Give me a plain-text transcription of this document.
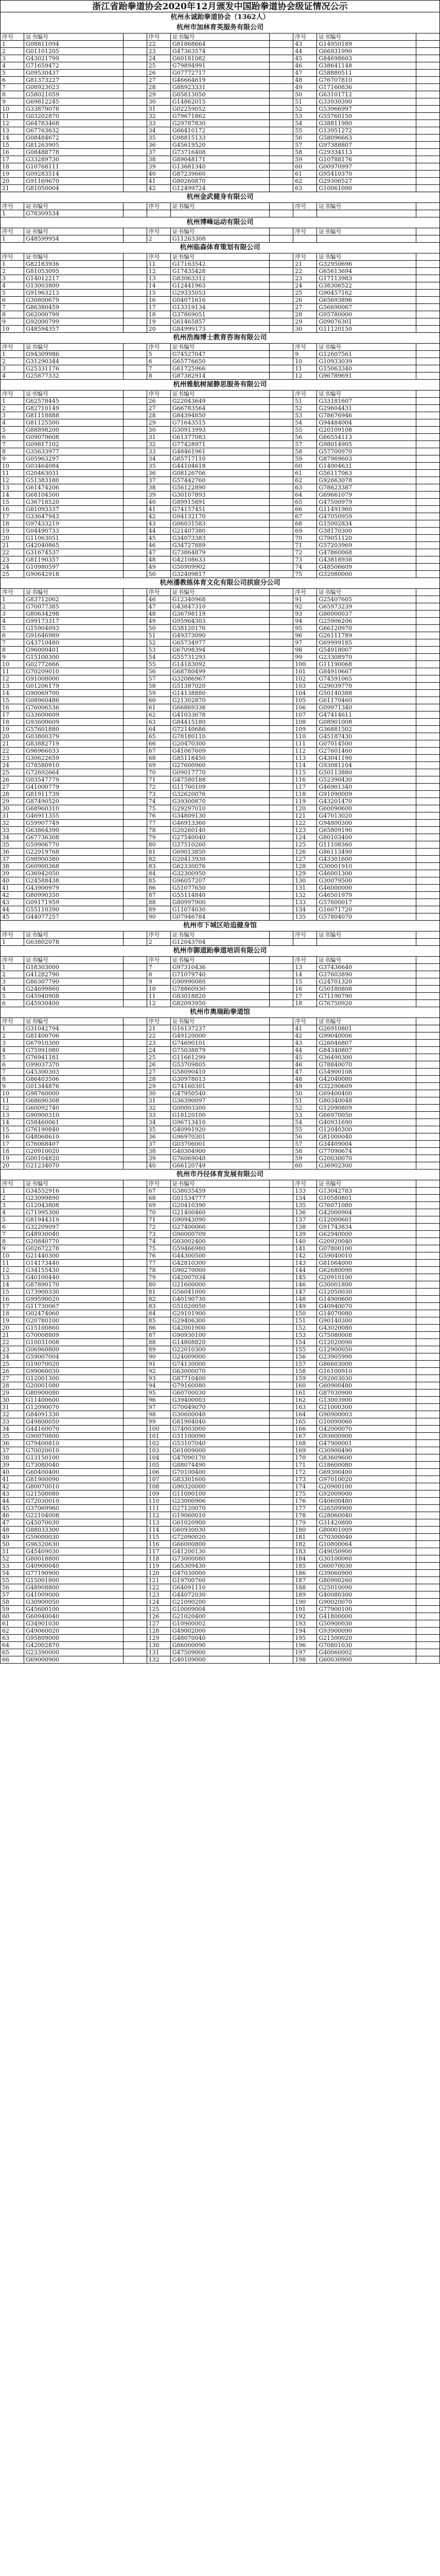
浙江省跆拳道协会2020年12月颁发中国跆拳道协会级证情况公示
杭州永诚跆拳道协会（1362人）
杭州市加林育英服务有限公司
序号	证书编号		序号	证书编号		序号	证书编号	
1	G08811094		22	G81868664		43	G14950189	
2	G01101205		23	G47363574		44	G66931990	
3	G43021799		24	G60181082		45	G84698603	
4	G71659472		25	G79894991		46	G38641148	
5	G09530437		26	G07772717		47	G58880511	
6	G81373227		27	G46664619		48	G76707810	
7	G08923023		28	G88923331		49	G17160836	
8	G58021059		29	G05813050		50	G63101712	
9	G69812245		30	G14862015		51	G33930390	
10	G33879078		31	G02259052		52	G53966997	
11	G03202870		32	G79671862		53	G55760150	
12	G64783468		33	G29787830		54	G38811980	
13	G67763632		34	G66410172		55	G13951272	
14	G08484672		35	G98815133		56	G58096663	
15	G81263905		36	G45619520		57	G97388807	
16	G08488778		37	G73716408		58	G29334113	
17	G33289730		38	G89048171		59	G10788176	
18	G10768111		39	G13681340		60	G00970997	
19	G09283514		40	G87239660		61	G95410370	
20	G91169670		41	G80260870		62	G29306527	
21	G81050004		42	G12499724		63	G10061090	
杭州金武健身有限公司
序号	证书编号		序号	证书编号		序号	证书编号	
1	G78309534							
杭州博峰运动有限公司
序号	证书编号		序号	证书编号		序号	证书编号	
1	G48599954		2	G11263308				
杭州临森体育策划有限公司
序号	证书编号		序号	证书编号		序号	证书编号	
1	G82183936		11	G17163542		21	G32950696	
2	G81053095		12	G17435428		22	G65613694	
3	G14012217		13	G83063312		23	G17113983	
4	G13003800		14	G12441963		24	G38306522	
5	G91963213		15	G29335053		25	G90457162	
6	G30800679		16	G04071616		26	G65693896	
7	G86380459		17	G13319134		27	G56690067	
8	G62000799		18	G37869051		28	G95780000	
9	G92000799		19	G61465857		29	G09076301	
10	G48594357		20	G84999173		30	G11120150	
杭州浩海博士教育咨询有限公司
序号	证书编号		序号	证书编号		序号	证书编号	
1	G94309986		5	G74527047		9	G12607561	
2	G31290344		6	G65776650		10	G10933039	
3	G25331176		7	G61725966		11	G15063340	
4	G25877332		8	G87382914		12	G96789691	
杭州雅航树屋静思服务有限公司
序号	证书编号		序号	证书编号		序号	证书编号	
1	G62578445		26	G22043649		51	G33181607	
2	G82710149		27	G66783564		52	G29604431	
3	G81118888		28	G84394850		53	G78676946	
4	G81125500		29	G71643515		54	G94484004	
5	G88898200		30	G30913993		55	G20109108	
6	G09079608		31	G61377083		56	G66554113	
7	G09817102		32	G77428971		57	G98014905	
8	G35633977		33	G48461961		58	G57700970	
9	G05963297		34	G85717110		59	G87969603	
10	G03464084		35	G44104618		60	G14004631	
11	G20463031		36	G08126706		61	G56117063	
12	G51383180		37	G57442760		62	G92663078	
13	G61474206		38	G56122890		63	G78623387	
14	G68104500		39	G30107893		64	G69661079	
15	G36718520		40	G89915891		65	G47500979	
16	G81093337		41	G74157451		66	G11491960	
17	G33647943		42	G94132170		67	G47050959	
18	G97433219		43	G06031583		68	G15002834	
19	G04490733		44	G21407380		69	G38170300	
20	G11063051		45	G34073383		70	G79051120	
21	G42040865		46	G34727889		71	G57203969	
22	G31674537		47	G73864879		72	G47860068	
23	G81190357		48	G42108633		73	G43818938	
24	G10980597		49	G50909902		74	G48506609	
25	G90642918		50	G32409817		75	G32080000	
杭州潘教练体育文化有限公司拱宸分公司
序号	证书编号		序号	证书编号		序号	证书编号	
1	G83712062		46	G12340968		91	G25407605	
2	G70077385		47	G43847310		92	G65973239	
3	G80634298		48	G36798119		93	G86000037	
4	G99173317		49	G95964303		94	G25906206	
5	G15904093		50	G38120176		95	G66120970	
6	G91646989		51	G49373090		96	G26111789	
7	G43710480		52	G65734977		97	G69999185	
8	G96000401		53	G67098394		98	G54918007	
9	G15100300		54	G55731293		99	G23308970	
10	G02772666		55	G14183092		100	G11190068	
11	G70209010		56	G68780499		101	G84910667	
12	G91008000		57	G32086967		102	G74591065	
13	G01206179		58	G51387020		103	G29039770	
14	G90069700		59	G14138880		104	G50140388	
15	G08960486		60	G21302870		105	G61170460	
16	G76006536		61	G66869338		106	G09971340	
17	G33600609		62	G41033678		107	G47414611	
18	G93600609		63	G84415180		108	G08901008	
19	G57601880		64	G72140686		109	G36881502	
20	G03800379		65	G78180110		110	G45187430	
21	G83882719		66	G20470300		111	G07014500	
22	G96966033		67	G41067609		112	G27601460	
23	G30622659		68	G85118450		113	G43041190	
24	G78580910		69	G27600960		114	G93081104	
25	G72692664		70	G09017770		115	G50113880	
26	G03547779		71	G47580188		116	G52390430	
27	G41000779		72	G11760109		117	G46901340	
28	G81911739		73	G32620076		118	G91090009	
29	G87490520		74	G39300870		119	G43201470	
30	G68960310		75	G29297010		120	G60090600	
31	G46911355		76	G34809130		121	G47013020	
32	G59907749		77	G46913360		122	G94800300	
33	G63864390		78	G20260140		123	G65809190	
34	G67736308		79	G27540040		124	G80103400	
35	G59906770		80	G37510260		125	G11108360	
36	G22919768		81	G69013850		126	G86113490	
37	G98900380		82	G20413930		127	G43301600	
38	G60900368		83	G62330076		128	G30001910	
39	G36942050		84	G32300950		129	G46001300	
40	G24588438		85	G96057207		130	G30079500	
41	G43900979		86	G51077650		131	G46000000	
42	G80990350		87	G55114840		132	G46501979	
43	G09171959		88	G80997900		133	G57600017	
44	G55110390		89	G11074030		134	G16071720	
45	G44077257		90	G07946784		135	G57804070	
杭州市下城区哈追健身馆
序号	证书编号		序号	证书编号		序号	证书编号	
1	G63802078		2	G12043704				
杭州市御道跆拳道培训有限公司
序号	证书编号		序号	证书编号		序号	证书编号	
1	G18303000		7	G97310436		13	G37436640	
2	G41282790		8	G71079740		14	G37603890	
3	G86307790		9	G90990080		15	G24701320	
4	G24699860		10	G78860930		16	G50180808	
5	G45940908		11	G83018820		17	G71190790	
6	G45930400		12	G82093950		18	G76750920	
杭州市奥瑞跆拳道馆
序号	证书编号		序号	证书编号		序号	证书编号	
1	G31042794		21	G16137237		41	G26910801	
2	G81400706		22	G49120000		42	G99040006	
3	G67910300		23	G74690101		43	G26046807	
4	G75991080		24	G75038879		44	G84340807	
5	G76941181		25	G11661299		45	G36490300	
6	G99037370		26	G53709805		46	G78840070	
7	G45300303		27	G58090410		47	G54900108	
8	G86403506		28	G30978013		48	G42040080	
9	G01344876		29	G74160301		49	G32290609	
10	G98760000		30	G47950540		50	G69400400	
11	G68690308		31	G36390097		51	G80340048	
12	G60092740		32	G00003300		52	G12090809	
13	G90900310		33	G18120100		53	G66970050	
14	G58460061		34	G96713410		54	G40931690	
15	G76190840		35	G40991920		55	G12040300	
16	G48068610		36	G96970301		56	G81000040	
17	G76068407		37	G03706001		57	G34409004	
18	G20910020		38	G40304900		58	G77090674	
19	G00104820		39	G76069040		59	G20030070	
20	G21234070		40	G66120749		60	G36902300	
杭州市丹径体育发展有限公司
序号	证书编号		序号	证书编号		序号	证书编号	
1	G34552916		67	G38035459		133	G13042783	
2	G23099890		68	G01534777		134	G10580801	
3	G12043808		69	G20410390		135	G76071080	
4	G71995300		70	G21400460		136	G42000904	
5	G81944319		71	G90943090		137	G12000601	
6	G32209097		72	G27400060		138	G91743834	
7	G48930040		73	G90000709		139	G62940000	
8	G20840770		74	G03002400		140	G20920040	
9	G02672278		75	G59466980		141	G07800100	
10	G21440300		76	G44300500		142	G59040010	
11	G14173440		77	G42810300		143	G81064000	
12	G34155430		78	G90270000		144	G62680090	
13	G40100440		79	G42007034		145	G20910100	
14	G87890170		80	G21600000		146	G30001800	
15	G73900330		81	G56041000		147	G12050030	
16	G99590020		82	G40190730		148	G14900600	
17	G11730067		83	G51020050		149	G40940070	
18	G02474060		84	G29101900		150	G14070080	
19	G20780100		85	G29406300		151	G90140300	
20	G15100860		86	G42001900		152	G43020080	
21	G70008809		87	G90930100		153	G75080008	
22	G10031008		88	G14808820		154	G12020090	
23	G06960800		89	G22010300		155	G12900050	
24	G59007004		90	G24009000		156	G23905990	
25	G19070020		91	G74130000		157	G86603000	
26	G99060030		92	G63000070		158	G16100910	
27	G12001300		93	G87710400		159	G92003030	
28	G20001080		94	G79160080		160	G60900480	
29	G80900080		95	G60700030		161	G87030900	
30	G11400600		96	G39400003		162	G13003900	
31	G12090070		97	G70049070		163	G21000300	
32	G84091330		98	G30600040		164	G90900003	
33	G49800050		99	G81904040		165	G10090060	
34	G44160070		100	G74003000		166	G42000070	
35	G90070800		101	G51100090		167	G93600900	
36	G79400810		102	G53107040		168	G47900001	
37	G70020010		103	G61009000		169	G30900490	
38	G13150100		104	G47090170		170	G83609600	
39	G73080040		105	G88074490		171	G18600080	
40	G60400400		106	G70100400		172	G69300400	
41	G81900090		107	G83301600		173	G97010020	
42	G80070010		108	G90320000		174	G20900100	
43	G21500080		109	G11090100		175	G92009000	
44	G72030010		110	G23000906		176	G40600480	
45	G37069960		111	G27120070		177	G26509900	
46	G22104008		112	G19060010		178	G28060040	
47	G45070030		113	G61020900		179	G31420800	
48	G88033300		114	G60930030		180	G80001009	
49	G59000030		115	G72090020		181	G70300040	
50	G96320630		116	G66000800		182	G10800064	
51	G45409030		117	G41200130		183	G49050900	
52	G80018800		118	G73000080		184	G30100060	
53	G40900040		119	G65309430		185	G60070030	
54	G77190900		120	G47030000		186	G39060900	
55	G15001800		121	G19700760		187	G80900260	
56	G48908800		122	G64091110		188	G25010090	
57	G41009000		123	G44072030		189	G40080300	
58	G30900050		124	G21090200		190	G90020070	
59	G45600100		125	G10009004		191	G77900100	
60	G60940040		126	G21020400		192	G41800000	
61	G34901030		127	G10900002		193	G50900030	
62	G49060020		128	G49002000		194	G93900090	
63	G95809000		129	G48070040		195	G21500020	
64	G42002870		130	G86000090		196	G70801030	
65	G23390000		131	G47509000		197	G40060002	
66	G69000900		132	G40109000		198	G60030900	
